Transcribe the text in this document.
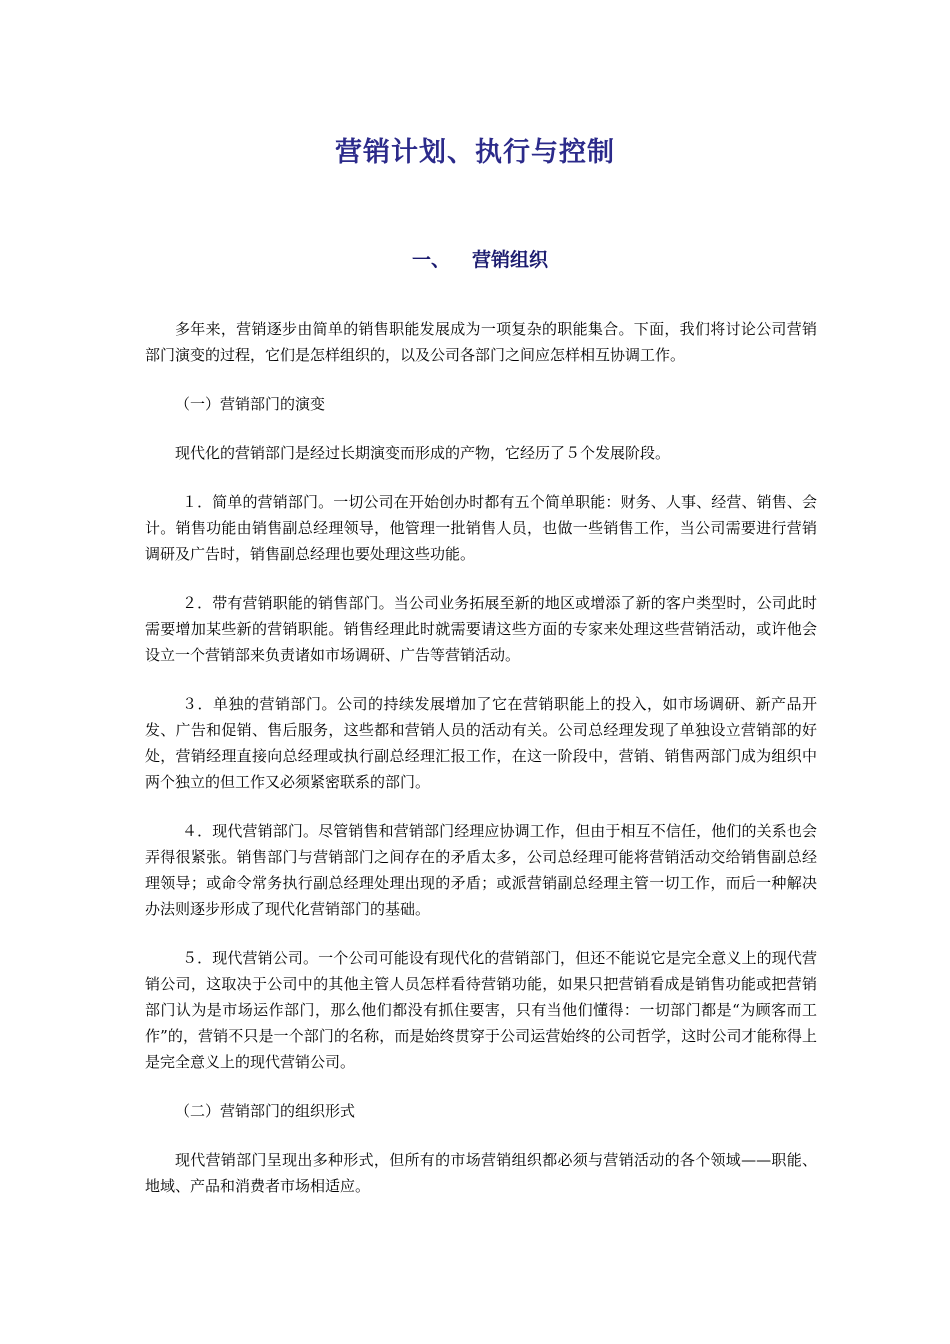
营销计划、执行与控制
一、 营销组织

多年来，营销逐步由简单的销售职能发展成为一项复杂的职能集合。下面，我们将讨论公司营销部门演变的过程，它们是怎样组织的，以及公司各部门之间应怎样相互协调工作。

（一）营销部门的演变

现代化的营销部门是经过长期演变而形成的产物，它经历了５个发展阶段。

１．简单的营销部门。一切公司在开始创办时都有五个简单职能：财务、人事、经营、销售、会计。销售功能由销售副总经理领导，他管理一批销售人员，也做一些销售工作，当公司需要进行营销调研及广告时，销售副总经理也要处理这些功能。

２．带有营销职能的销售部门。当公司业务拓展至新的地区或增添了新的客户类型时，公司此时需要增加某些新的营销职能。销售经理此时就需要请这些方面的专家来处理这些营销活动，或许他会设立一个营销部来负责诸如市场调研、广告等营销活动。

３．单独的营销部门。公司的持续发展增加了它在营销职能上的投入，如市场调研、新产品开发、广告和促销、售后服务，这些都和营销人员的活动有关。公司总经理发现了单独设立营销部的好处，营销经理直接向总经理或执行副总经理汇报工作，在这一阶段中，营销、销售两部门成为组织中两个独立的但工作又必须紧密联系的部门。

４．现代营销部门。尽管销售和营销部门经理应协调工作，但由于相互不信任，他们的关系也会弄得很紧张。销售部门与营销部门之间存在的矛盾太多，公司总经理可能将营销活动交给销售副总经理领导；或命令常务执行副总经理处理出现的矛盾；或派营销副总经理主管一切工作，而后一种解决办法则逐步形成了现代化营销部门的基础。

５．现代营销公司。一个公司可能设有现代化的营销部门，但还不能说它是完全意义上的现代营销公司，这取决于公司中的其他主管人员怎样看待营销功能，如果只把营销看成是销售功能或把营销部门认为是市场运作部门，那么他们都没有抓住要害，只有当他们懂得：一切部门都是“为顾客而工作”的，营销不只是一个部门的名称，而是始终贯穿于公司运营始终的公司哲学，这时公司才能称得上是完全意义上的现代营销公司。

（二）营销部门的组织形式

现代营销部门呈现出多种形式，但所有的市场营销组织都必须与营销活动的各个领域——职能、地域、产品和消费者市场相适应。
